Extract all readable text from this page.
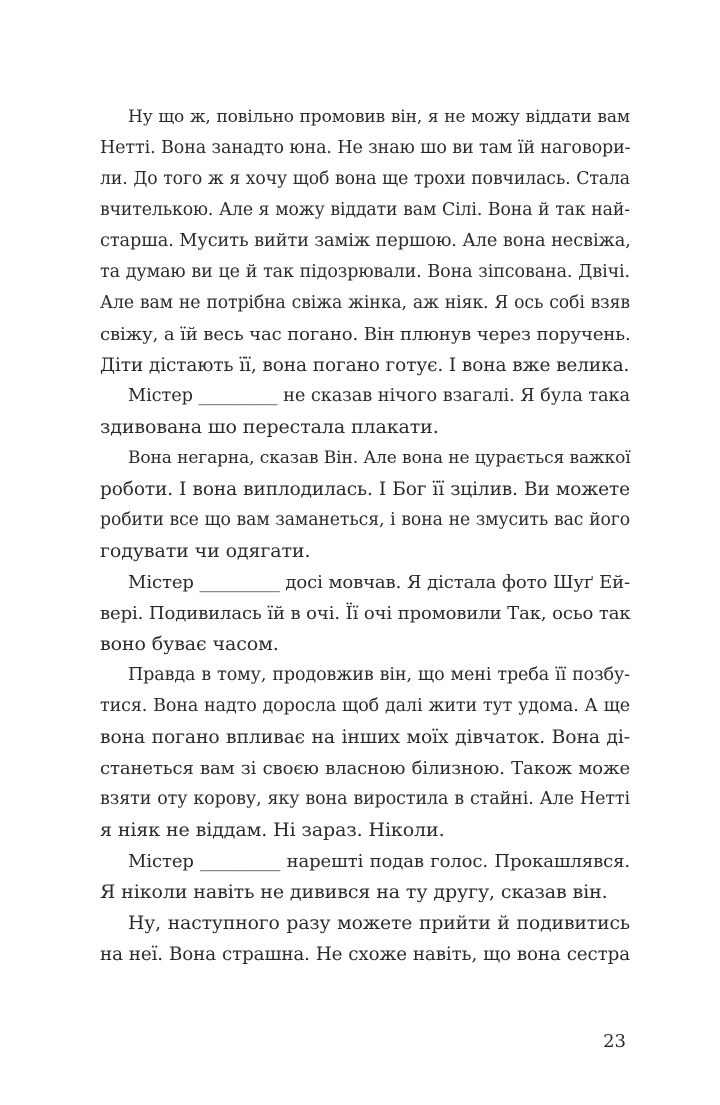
Ну що ж, повільно промовив він, я не можу віддати вам
Нетті. Вона занадто юна. Не знаю шо ви там їй наговори-
ли. До того ж я хочу щоб вона ще трохи повчилась. Стала
вчителькою. Але я можу віддати вам Сілі. Вона й так най-
старша. Мусить вийти заміж першою. Але вона несвіжа,
та думаю ви це й так підозрювали. Вона зіпсована. Двічі.
Але вам не потрібна свіжа жінка, аж ніяк. Я ось собі взяв
свіжу, а їй весь час погано. Він плюнув через поручень.
Діти дістають її, вона погано готує. І вона вже велика.
Містер _________ не сказав нічого взагалі. Я була така
здивована шо перестала плакати.
Вона негарна, сказав Він. Але вона не цурається важкої
роботи. І вона виплодилась. І Бог її зцілив. Ви можете
робити все що вам заманеться, і вона не змусить вас його
годувати чи одягати.
Містер _________ досі мовчав. Я дістала фото Шуґ Ей-
вері. Подивилась їй в очі. Її очі промовили Так, осьо так
воно буває часом.
Правда в тому, продовжив він, що мені треба її позбу-
тися. Вона надто доросла щоб далі жити тут удома. А ще
вона погано впливає на інших моїх дівчаток. Вона ді-
станеться вам зі своєю власною білизною. Також може
взяти оту корову, яку вона виростила в стайні. Але Нетті
я ніяк не віддам. Ні зараз. Ніколи.
Містер _________ нарешті подав голос. Прокашлявся.
Я ніколи навіть не дивився на ту другу, сказав він.
Ну, наступного разу можете прийти й подивитись
на неї. Вона страшна. Не схоже навіть, що вона сестра
23
